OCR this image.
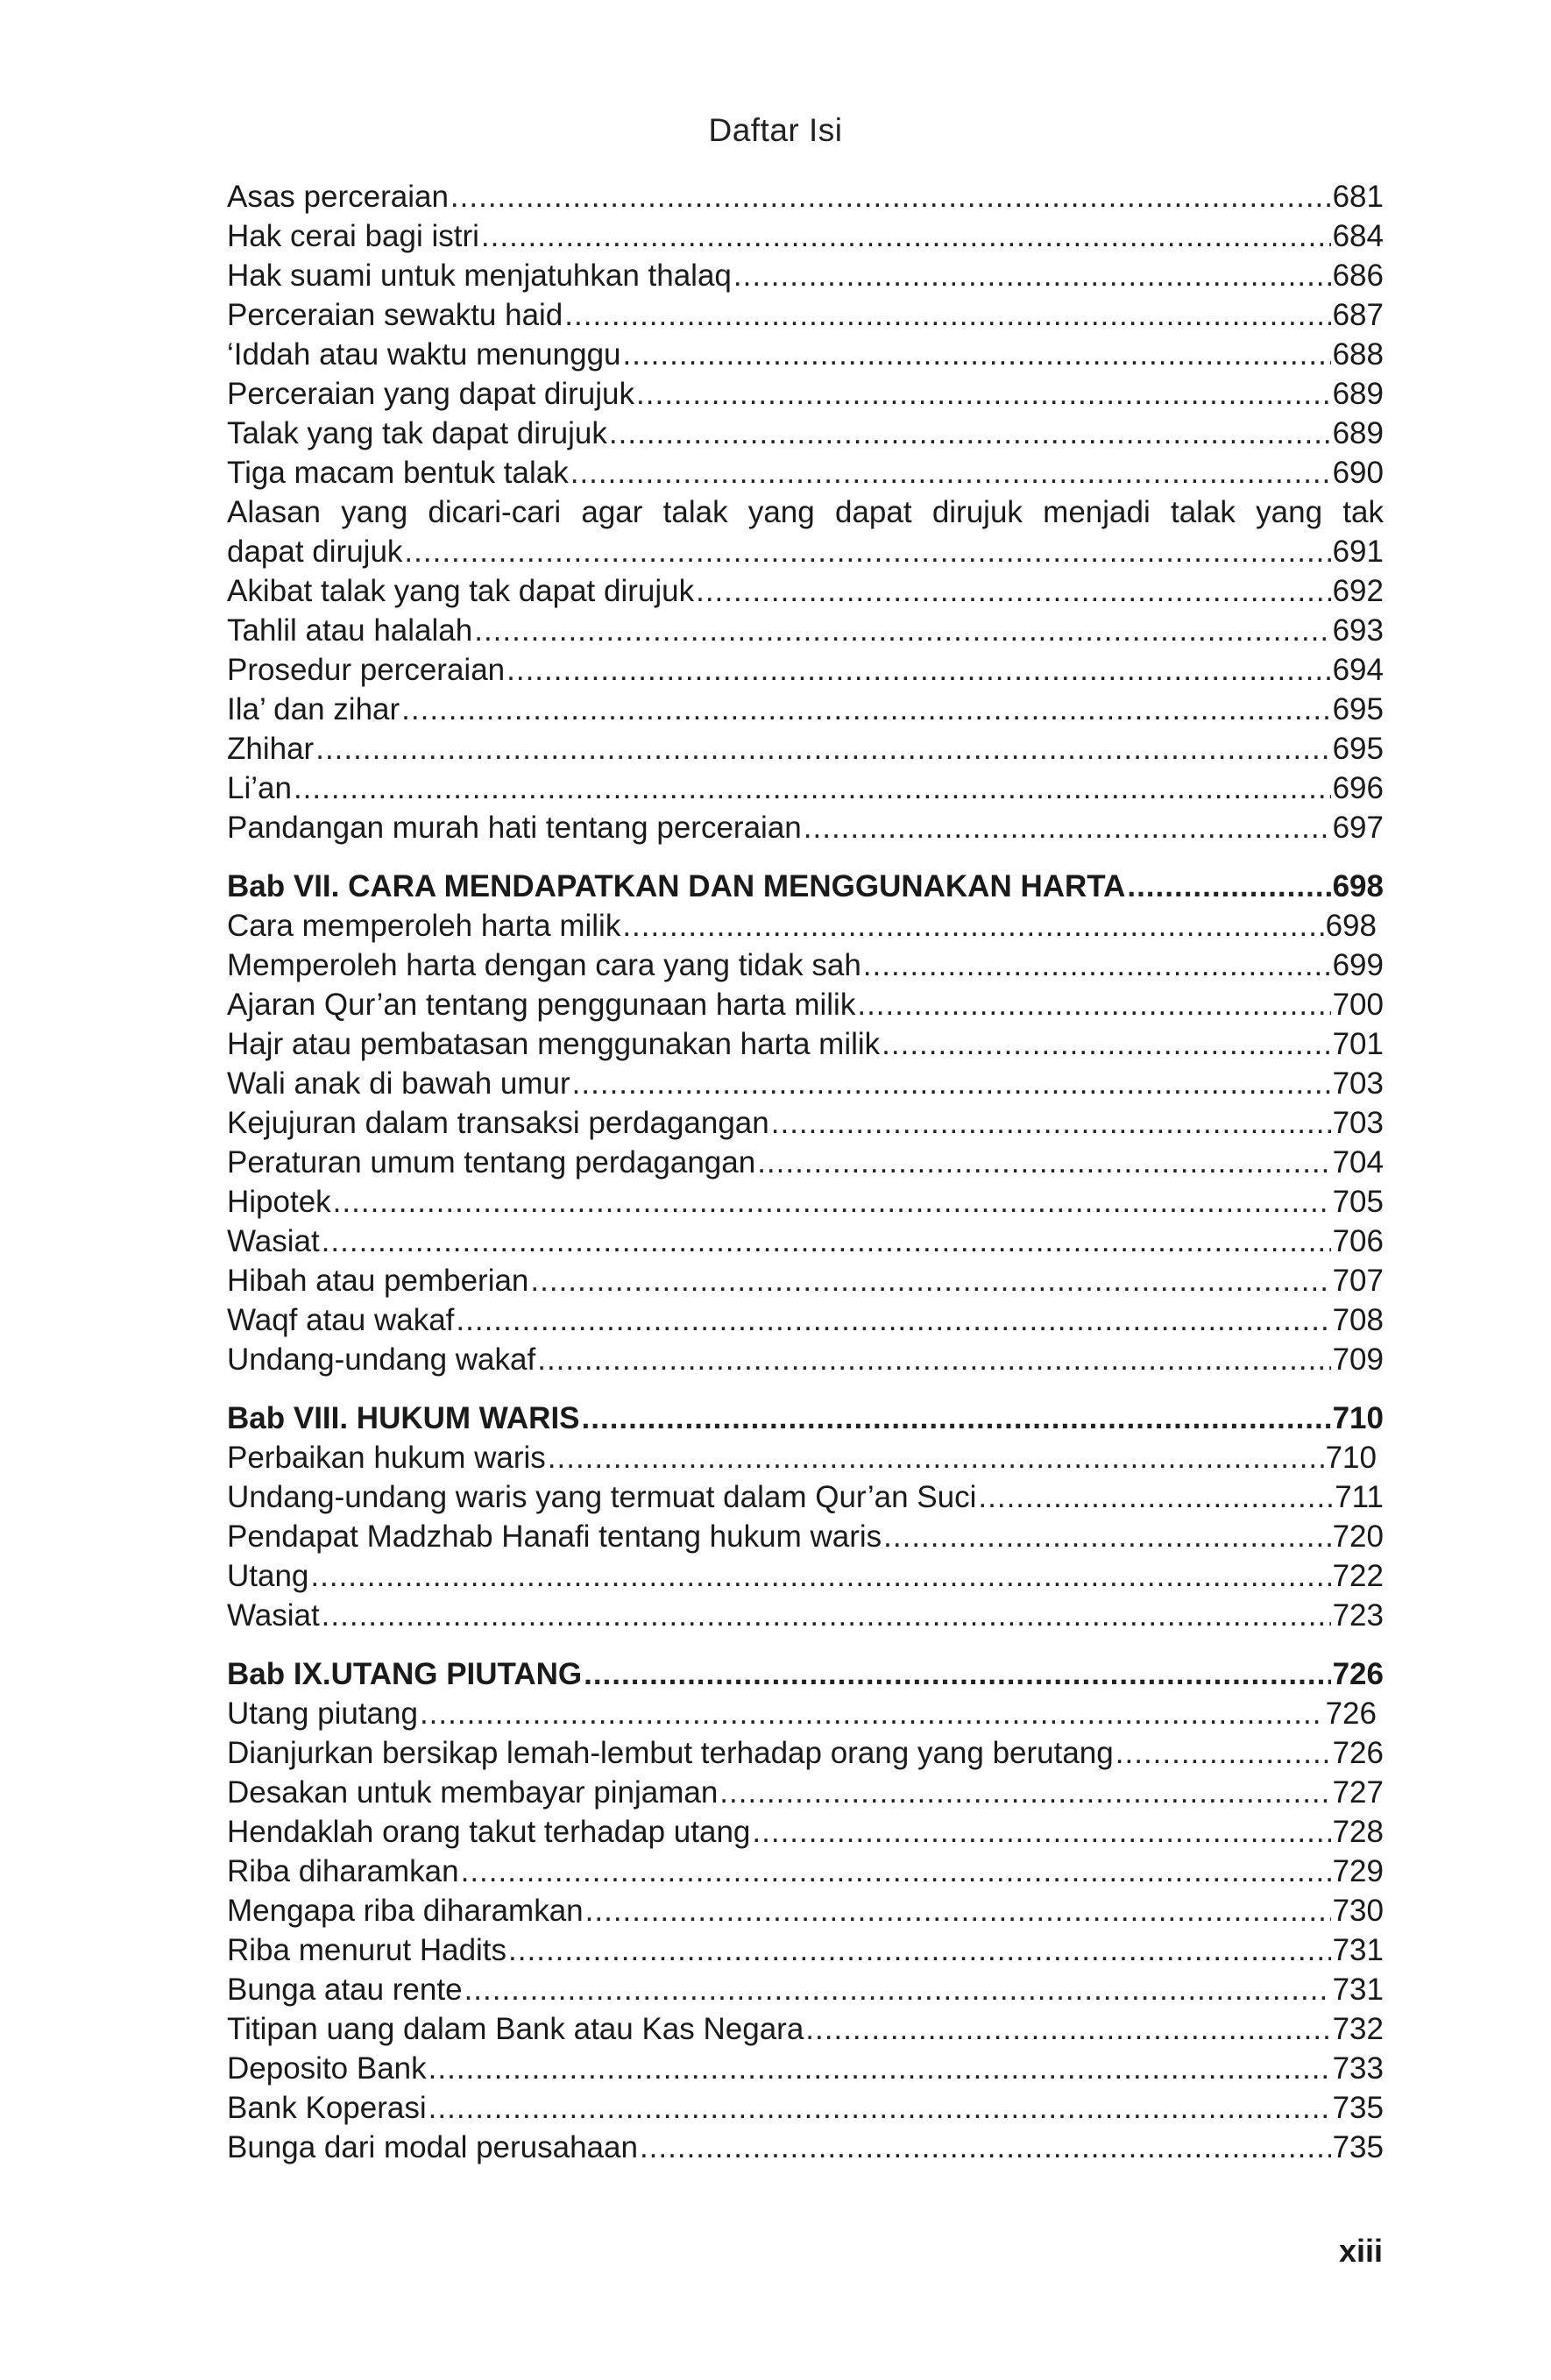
Daftar Isi
Asas perceraian .....	681
Hak cerai bagi istri .....	684
Hak suami untuk menjatuhkan thalaq .....	686
Perceraian sewaktu haid .....	687
‘Iddah atau waktu menunggu .....	688
Perceraian yang dapat dirujuk .....	689
Talak yang tak dapat dirujuk .....	689
Tiga macam bentuk talak .....	690
Alasan yang dicari-cari agar talak yang dapat dirujuk menjadi talak yang tak
dapat dirujuk .....	691
Akibat talak yang tak dapat dirujuk .....	692
Tahlil atau halalah .....	693
Prosedur perceraian .....	694
Ila’ dan zihar .....	695
Zhihar .....	695
Li’an .....	696
Pandangan murah hati tentang perceraian .....	697
Bab VII. CARA MENDAPATKAN DAN MENGGUNAKAN HARTA .....	698
Cara memperoleh harta milik .....	698
Memperoleh harta dengan cara yang tidak sah .....	699
Ajaran Qur’an tentang penggunaan harta milik .....	700
Hajr atau pembatasan menggunakan harta milik .....	701
Wali anak di bawah umur .....	703
Kejujuran dalam transaksi perdagangan .....	703
Peraturan umum tentang perdagangan .....	704
Hipotek .....	705
Wasiat .....	706
Hibah atau pemberian .....	707
Waqf atau wakaf .....	708
Undang-undang wakaf .....	709
Bab VIII. HUKUM WARIS .....	710
Perbaikan hukum waris .....	710
Undang-undang waris yang termuat dalam Qur’an Suci .....	711
Pendapat Madzhab Hanafi tentang hukum waris .....	720
Utang .....	722
Wasiat .....	723
Bab IX.UTANG PIUTANG .....	726
Utang piutang .....	726
Dianjurkan bersikap lemah-lembut terhadap orang yang berutang .....	726
Desakan untuk membayar pinjaman .....	727
Hendaklah orang takut terhadap utang .....	728
Riba diharamkan .....	729
Mengapa riba diharamkan .....	730
Riba menurut Hadits .....	731
Bunga atau rente .....	731
Titipan uang dalam Bank atau Kas Negara .....	732
Deposito Bank .....	733
Bank Koperasi .....	735
Bunga dari modal perusahaan .....	735
xiii
